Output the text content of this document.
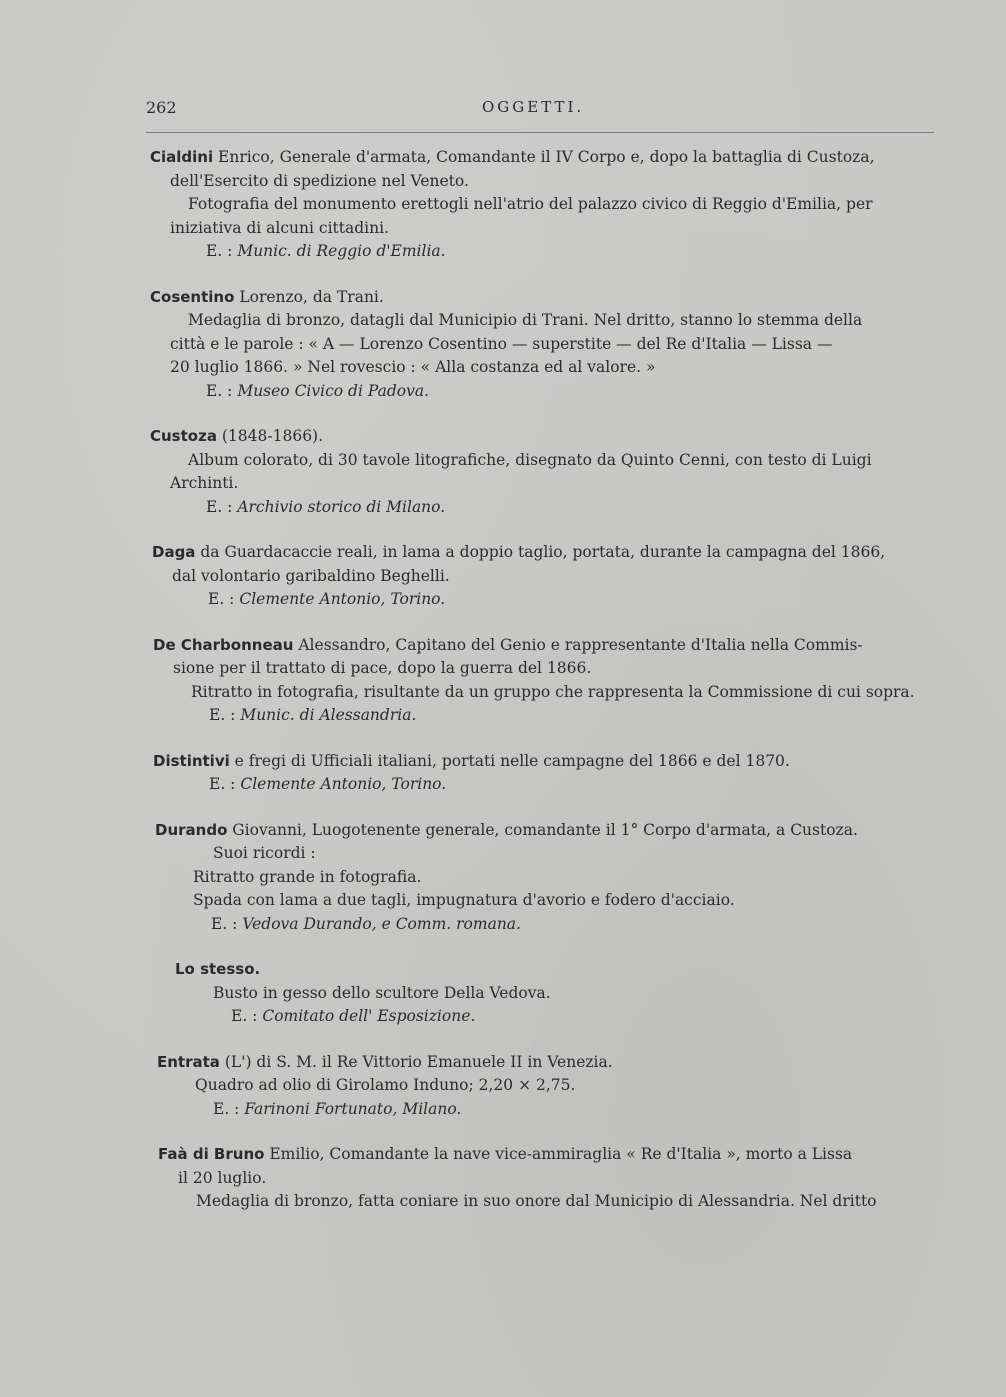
262	OGGETTI.
Cialdini Enrico, Generale d'armata, Comandante il IV Corpo e, dopo la battaglia di Custoza,
dell'Esercito di spedizione nel Veneto.
Fotografia del monumento erettogli nell'atrio del palazzo civico di Reggio d'Emilia, per
iniziativa di alcuni cittadini.
E. : Munic. di Reggio d'Emilia.
Cosentino Lorenzo, da Trani.
Medaglia di bronzo, datagli dal Municipio di Trani. Nel dritto, stanno lo stemma della
città e le parole : « A — Lorenzo Cosentino — superstite — del Re d'Italia — Lissa —
20 luglio 1866. » Nel rovescio : « Alla costanza ed al valore. »
E. : Museo Civico di Padova.
Custoza (1848-1866).
Album colorato, di 30 tavole litografiche, disegnato da Quinto Cenni, con testo di Luigi
Archinti.
E. : Archivio storico di Milano.
Daga da Guardacaccie reali, in lama a doppio taglio, portata, durante la campagna del 1866,
dal volontario garibaldino Beghelli.
E. : Clemente Antonio, Torino.
De Charbonneau Alessandro, Capitano del Genio e rappresentante d'Italia nella Commis-
sione per il trattato di pace, dopo la guerra del 1866.
Ritratto in fotografia, risultante da un gruppo che rappresenta la Commissione di cui sopra.
E. : Munic. di Alessandria.
Distintivi e fregi di Ufficiali italiani, portati nelle campagne del 1866 e del 1870.
E. : Clemente Antonio, Torino.
Durando Giovanni, Luogotenente generale, comandante il 1° Corpo d'armata, a Custoza.
Suoi ricordi :
Ritratto grande in fotografia.
Spada con lama a due tagli, impugnatura d'avorio e fodero d'acciaio.
E. : Vedova Durando, e Comm. romana.
Lo stesso.
Busto in gesso dello scultore Della Vedova.
E. : Comitato dell' Esposizione.
Entrata (L') di S. M. il Re Vittorio Emanuele II in Venezia.
Quadro ad olio di Girolamo Induno; 2,20 × 2,75.
E. : Farinoni Fortunato, Milano.
Faà di Bruno Emilio, Comandante la nave vice-ammiraglia « Re d'Italia », morto a Lissa
il 20 luglio.
Medaglia di bronzo, fatta coniare in suo onore dal Municipio di Alessandria. Nel dritto
